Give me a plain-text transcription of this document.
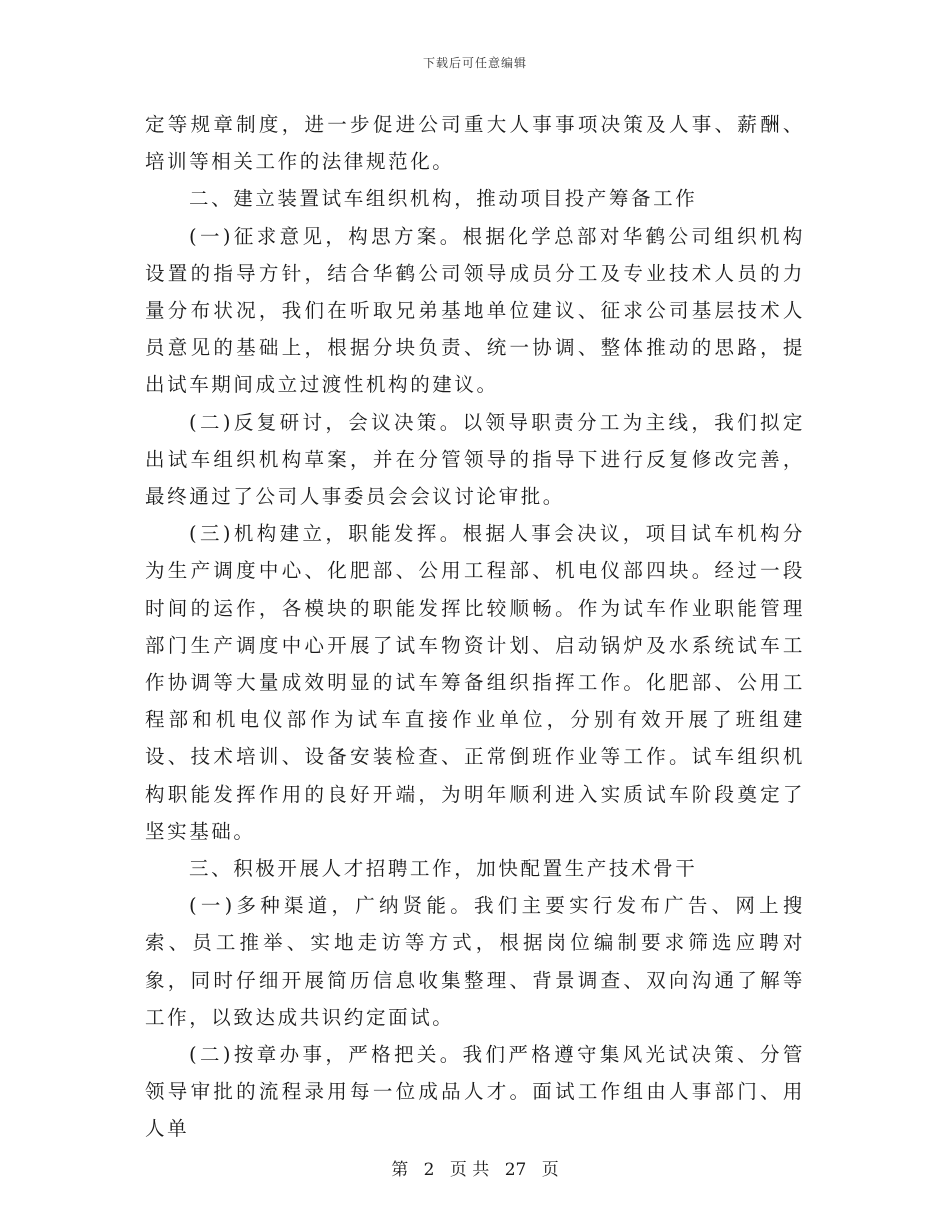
下载后可任意编辑

定等规章制度，进一步促进公司重大人事事项决策及人事、薪酬、培训等相关工作的法律规范化。

二、建立装置试车组织机构，推动项目投产筹备工作

(一)征求意见，构思方案。根据化学总部对华鹤公司组织机构设置的指导方针，结合华鹤公司领导成员分工及专业技术人员的力量分布状况，我们在听取兄弟基地单位建议、征求公司基层技术人员意见的基础上，根据分块负责、统一协调、整体推动的思路，提出试车期间成立过渡性机构的建议。

(二)反复研讨，会议决策。以领导职责分工为主线，我们拟定出试车组织机构草案，并在分管领导的指导下进行反复修改完善，最终通过了公司人事委员会会议讨论审批。

(三)机构建立，职能发挥。根据人事会决议，项目试车机构分为生产调度中心、化肥部、公用工程部、机电仪部四块。经过一段时间的运作，各模块的职能发挥比较顺畅。作为试车作业职能管理部门生产调度中心开展了试车物资计划、启动锅炉及水系统试车工作协调等大量成效明显的试车筹备组织指挥工作。化肥部、公用工程部和机电仪部作为试车直接作业单位，分别有效开展了班组建设、技术培训、设备安装检查、正常倒班作业等工作。试车组织机构职能发挥作用的良好开端，为明年顺利进入实质试车阶段奠定了坚实基础。

三、积极开展人才招聘工作，加快配置生产技术骨干

(一)多种渠道，广纳贤能。我们主要实行发布广告、网上搜索、员工推举、实地走访等方式，根据岗位编制要求筛选应聘对象，同时仔细开展简历信息收集整理、背景调查、双向沟通了解等工作，以致达成共识约定面试。

(二)按章办事，严格把关。我们严格遵守集风光试决策、分管领导审批的流程录用每一位成品人才。面试工作组由人事部门、用人单

第 2 页 共 27 页
